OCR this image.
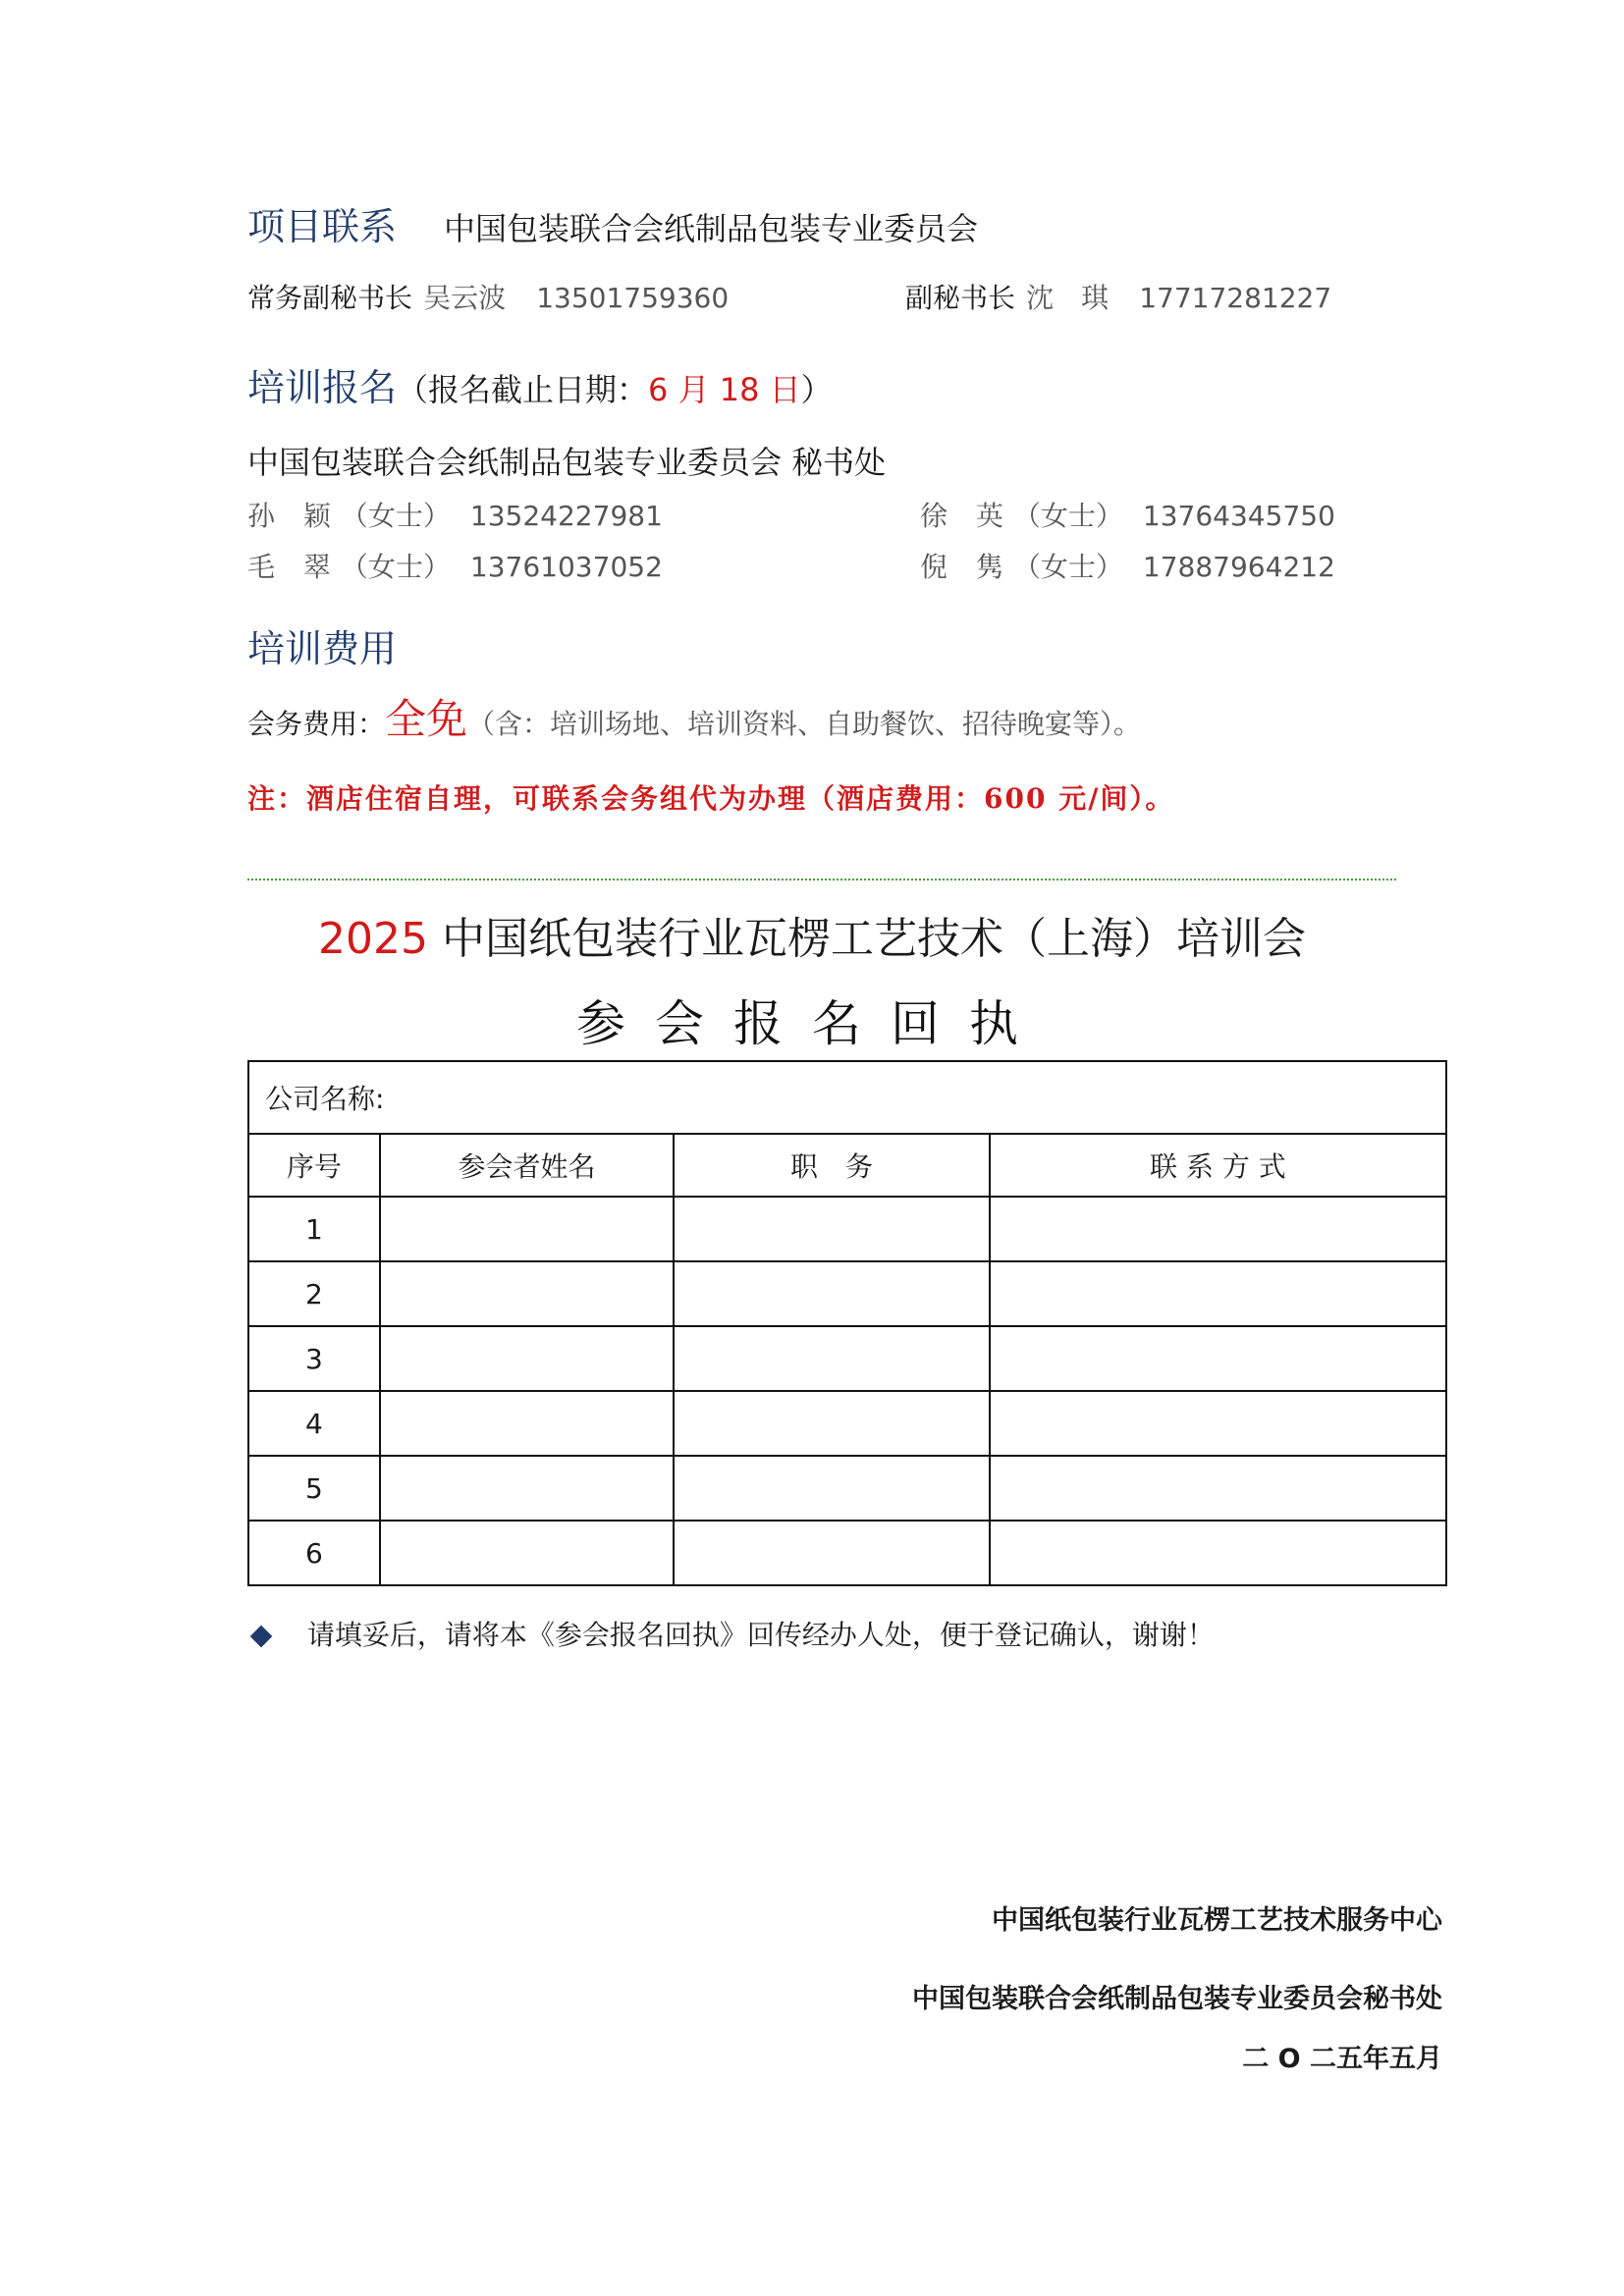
项目联系 中国包装联合会纸制品包装专业委员会
常务副秘书长 吴云波 13501759360	副秘书长 沈　琪 17717281227
培训报名（报名截止日期：6 月 18 日）
中国包装联合会纸制品包装专业委员会 秘书处
孙 颖（女士） 13524227981	徐 英（女士） 13764345750
毛 翠（女士） 13761037052	倪 隽（女士） 17887964212
培训费用
会务费用：全免（含：培训场地、培训资料、自助餐饮、招待晚宴等）。
注：酒店住宿自理，可联系会务组代为办理（酒店费用：600 元/间）。
2025 中国纸包装行业瓦楞工艺技术（上海）培训会
参会报名回执
公司名称:			
序号	参会者姓名	职　务	联 系 方 式
1			
2			
3			
4			
5			
6			
请填妥后，请将本《参会报名回执》回传经办人处，便于登记确认，谢谢！
中国纸包装行业瓦楞工艺技术服务中心
中国包装联合会纸制品包装专业委员会秘书处
二 O 二五年五月
